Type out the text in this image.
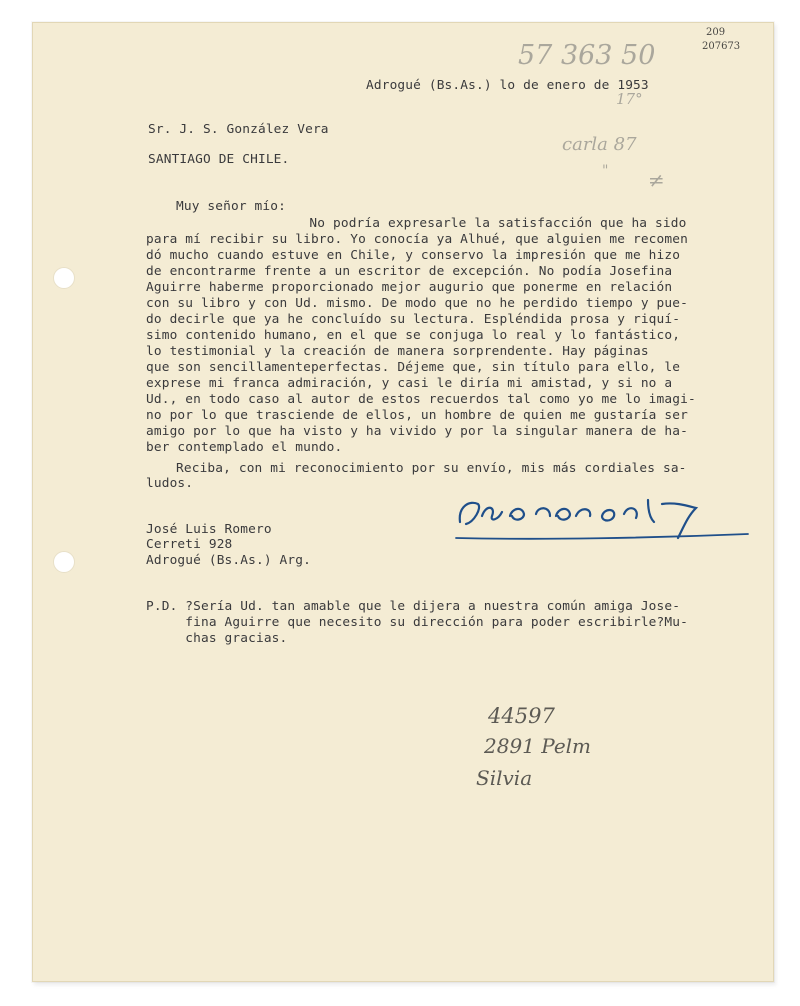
209
207673
57 363 50
17°
carla 87
" ≠
Adrogué (Bs.As.) lo de enero de 1953
Sr. J. S. González Vera
SANTIAGO DE CHILE.
Muy señor mío:
No podría expresarle la satisfacción que ha sido
para mí recibir su libro. Yo conocía ya Alhué, que alguien me recomen
dó mucho cuando estuve en Chile, y conservo la impresión que me hizo
de encontrarme frente a un escritor de excepción. No podía Josefina
Aguirre haberme proporcionado mejor augurio que ponerme en relación
con su libro y con Ud. mismo. De modo que no he perdido tiempo y pue-
do decirle que ya he concluído su lectura. Espléndida prosa y riquí-
simo contenido humano, en el que se conjuga lo real y lo fantástico,
lo testimonial y la creación de manera sorprendente. Hay páginas
que son sencillamenteperfectas. Déjeme que, sin título para ello, le
exprese mi franca admiración, y casi le diría mi amistad, y si no a
Ud., en todo caso al autor de estos recuerdos tal como yo me lo imagi-
no por lo que trasciende de ellos, un hombre de quien me gustaría ser
amigo por lo que ha visto y ha vivido y por la singular manera de ha-
ber contemplado el mundo.
Reciba, con mi reconocimiento por su envío, mis más cordiales sa-
ludos.
José Luis Romero
Cerreti 928
Adrogué (Bs.As.) Arg.
P.D. ?Sería Ud. tan amable que le dijera a nuestra común amiga Jose-
fina Aguirre que necesito su dirección para poder escribirle?Mu-
chas gracias.
44597
2891 Pelm
Silvia
